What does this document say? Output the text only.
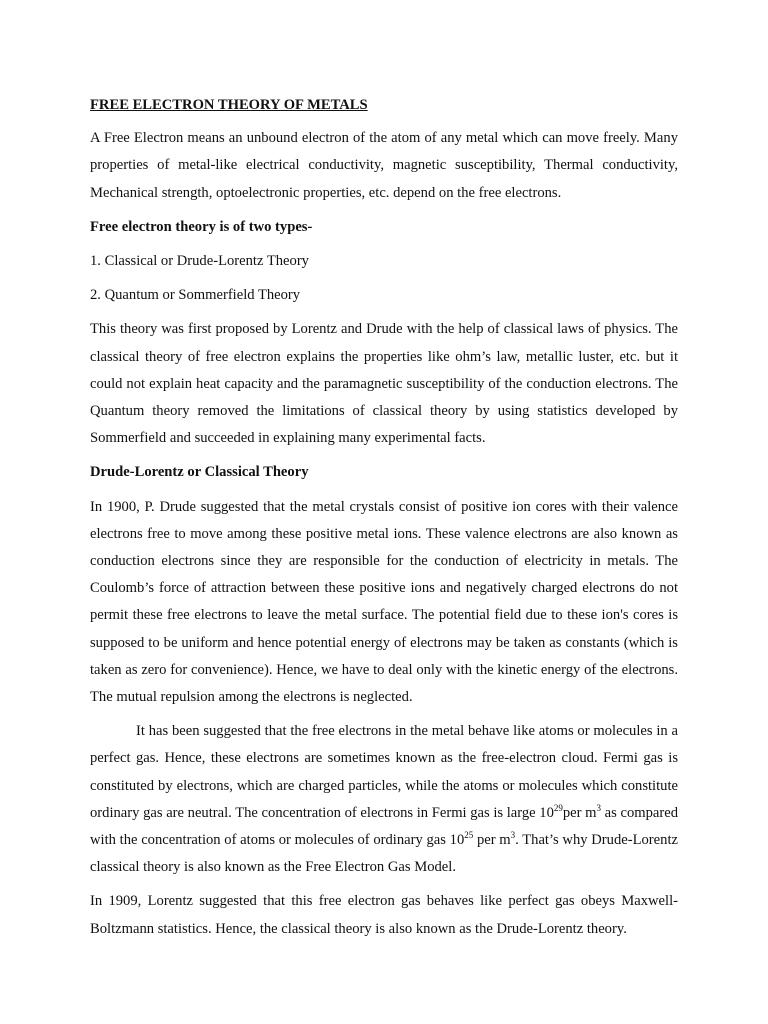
FREE ELECTRON THEORY OF METALS

A Free Electron means an unbound electron of the atom of any metal which can move freely. Many properties of metal-like electrical conductivity, magnetic susceptibility, Thermal conductivity, Mechanical strength, optoelectronic properties, etc. depend on the free electrons.

Free electron theory is of two types-
1. Classical or Drude-Lorentz Theory
2. Quantum or Sommerfield Theory

This theory was first proposed by Lorentz and Drude with the help of classical laws of physics. The classical theory of free electron explains the properties like ohm’s law, metallic luster, etc. but it could not explain heat capacity and the paramagnetic susceptibility of the conduction electrons. The Quantum theory removed the limitations of classical theory by using statistics developed by Sommerfield and succeeded in explaining many experimental facts.

Drude-Lorentz or Classical Theory

In 1900, P. Drude suggested that the metal crystals consist of positive ion cores with their valence electrons free to move among these positive metal ions. These valence electrons are also known as conduction electrons since they are responsible for the conduction of electricity in metals. The Coulomb’s force of attraction between these positive ions and negatively charged electrons do not permit these free electrons to leave the metal surface. The potential field due to these ion's cores is supposed to be uniform and hence potential energy of electrons may be taken as constants (which is taken as zero for convenience). Hence, we have to deal only with the kinetic energy of the electrons. The mutual repulsion among the electrons is neglected.

It has been suggested that the free electrons in the metal behave like atoms or molecules in a perfect gas. Hence, these electrons are sometimes known as the free-electron cloud. Fermi gas is constituted by electrons, which are charged particles, while the atoms or molecules which constitute ordinary gas are neutral. The concentration of electrons in Fermi gas is large $10^{29}per$ $m^3$ as compared with the concentration of atoms or molecules of ordinary gas $10^{25}$ per $m^3$. That’s why Drude-Lorentz classical theory is also known as the Free Electron Gas Model.

In 1909, Lorentz suggested that this free electron gas behaves like perfect gas obeys Maxwell-Boltzmann statistics. Hence, the classical theory is also known as the Drude-Lorentz theory.
